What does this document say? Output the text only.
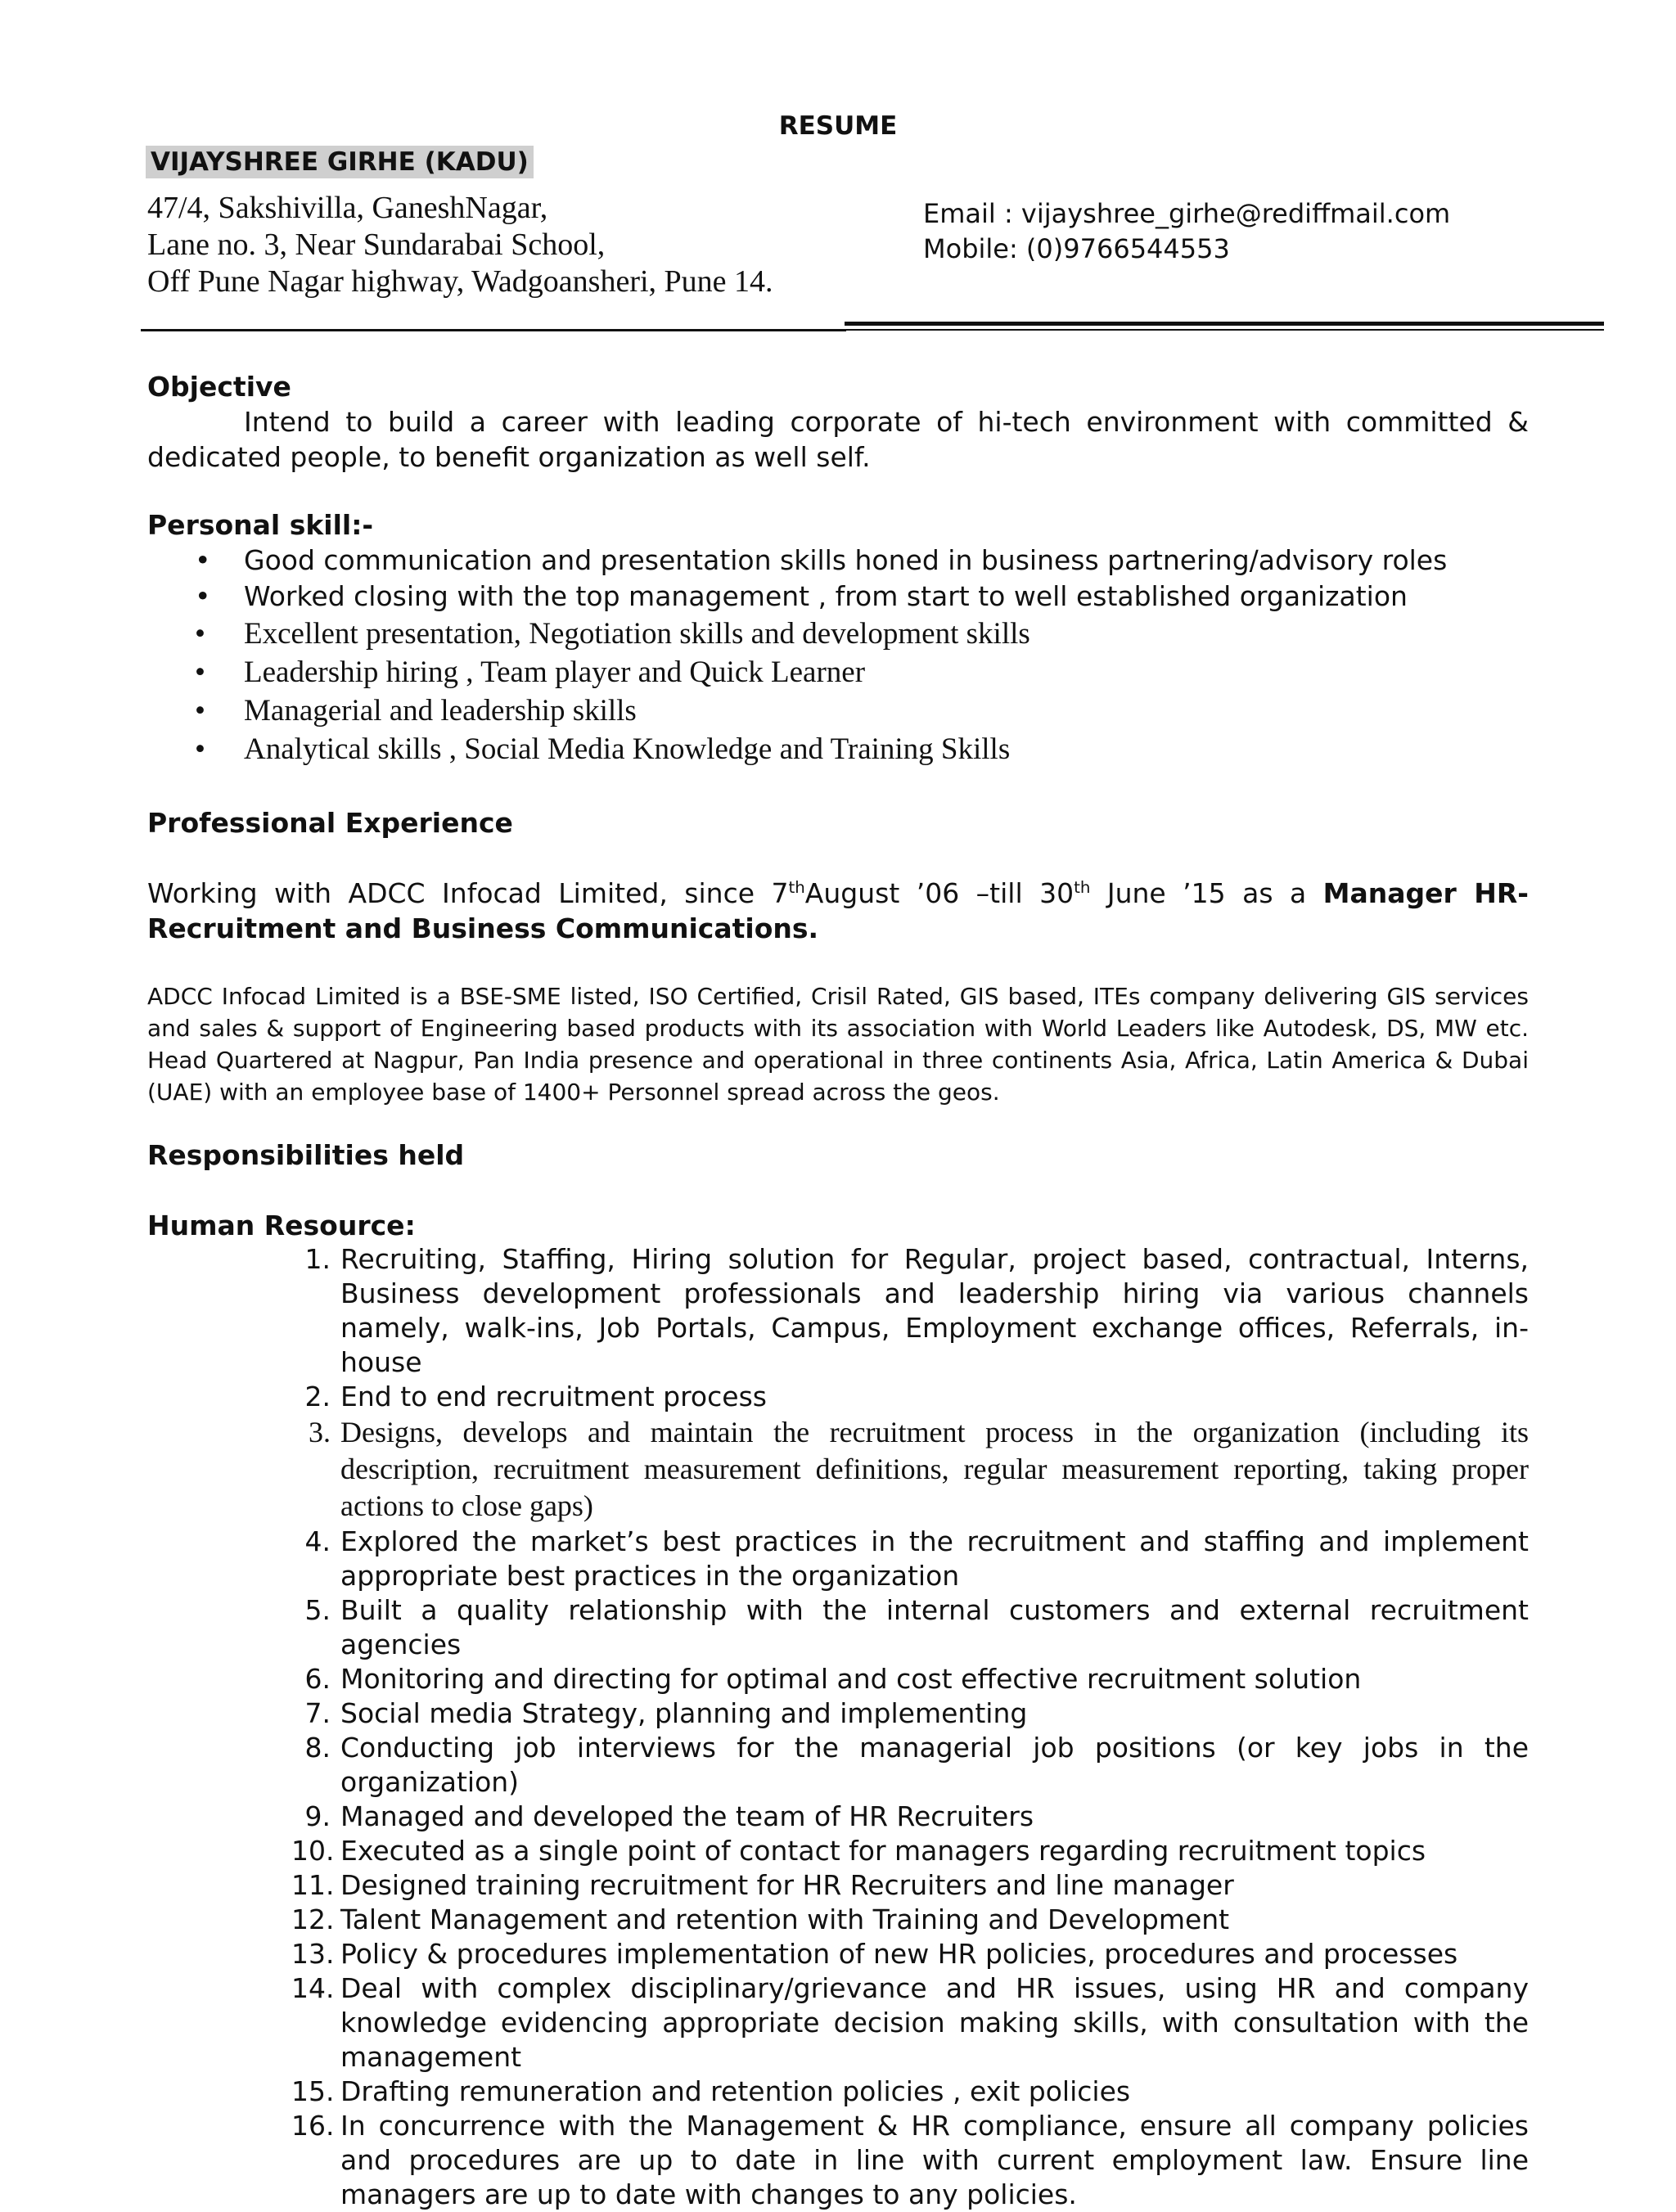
RESUME
VIJAYSHREE GIRHE (KADU)
47/4, Sakshivilla, GaneshNagar,
Lane no. 3, Near Sundarabai School,
Off Pune Nagar highway, Wadgoansheri, Pune 14.
Email : vijayshree_girhe@rediffmail.com
Mobile: (0)9766544553
Objective
Intend to build a career with leading corporate of hi-tech environment with committed & dedicated people, to benefit organization as well self.
Personal skill:-
• Good communication and presentation skills honed in business partnering/advisory roles
• Worked closing with the top management , from start to well established organization
• Excellent presentation, Negotiation skills and development skills
• Leadership hiring , Team player and Quick Learner
• Managerial and leadership skills
• Analytical skills , Social Media Knowledge and Training Skills
Professional Experience
Working with ADCC Infocad Limited, since 7thAugust ’06 –till 30th June ’15 as a Manager HR-Recruitment and Business Communications.
ADCC Infocad Limited is a BSE-SME listed, ISO Certified, Crisil Rated, GIS based, ITEs company delivering GIS services and sales & support of Engineering based products with its association with World Leaders like Autodesk, DS, MW etc. Head Quartered at Nagpur, Pan India presence and operational in three continents Asia, Africa, Latin America & Dubai (UAE) with an employee base of 1400+ Personnel spread across the geos.
Responsibilities held
Human Resource:
1. Recruiting, Staffing, Hiring solution for Regular, project based, contractual, Interns, Business development professionals and leadership hiring via various channels namely, walk-ins, Job Portals, Campus, Employment exchange offices, Referrals, in-house
2. End to end recruitment process
3. Designs, develops and maintain the recruitment process in the organization (including its description, recruitment measurement definitions, regular measurement reporting, taking proper actions to close gaps)
4. Explored the market’s best practices in the recruitment and staffing and implement appropriate best practices in the organization
5. Built a quality relationship with the internal customers and external recruitment agencies
6. Monitoring and directing for optimal and cost effective recruitment solution
7. Social media Strategy, planning and implementing
8. Conducting job interviews for the managerial job positions (or key jobs in the organization)
9. Managed and developed the team of HR Recruiters
10. Executed as a single point of contact for managers regarding recruitment topics
11. Designed training recruitment for HR Recruiters and line manager
12. Talent Management and retention with Training and Development
13. Policy & procedures implementation of new HR policies, procedures and processes
14. Deal with complex disciplinary/grievance and HR issues, using HR and company knowledge evidencing appropriate decision making skills, with consultation with the management
15. Drafting remuneration and retention policies , exit policies
16. In concurrence with the Management & HR compliance, ensure all company policies and procedures are up to date in line with current employment law. Ensure line managers are up to date with changes to any policies.
